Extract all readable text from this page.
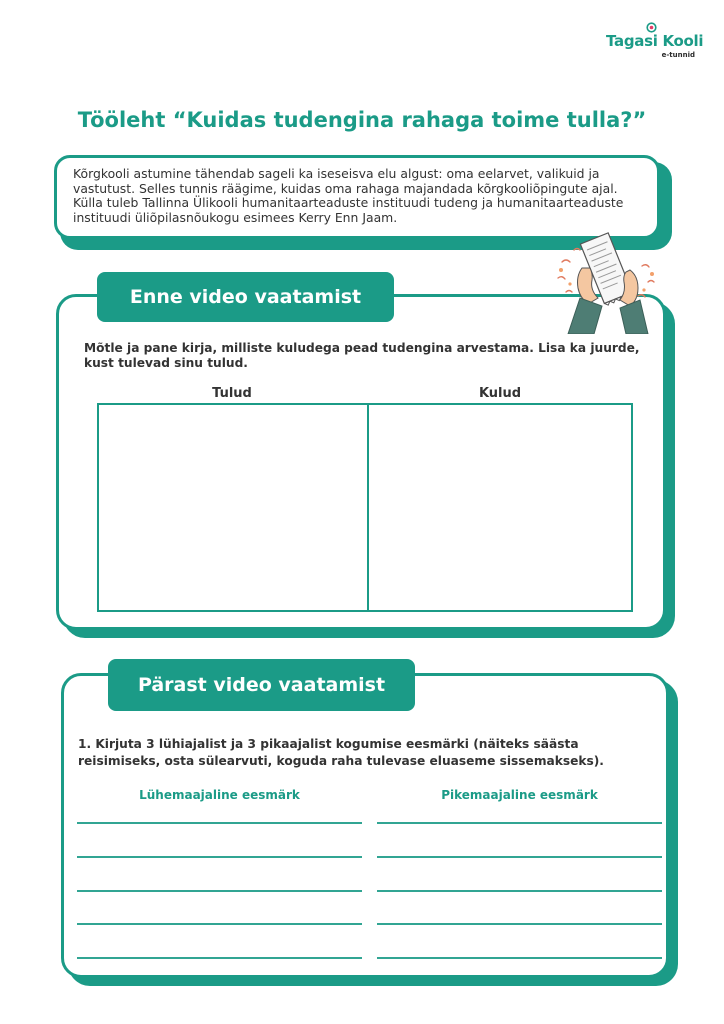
Tagasi Kooli
e-tunnid
Tööleht “Kuidas tudengina rahaga toime tulla?”

Kõrgkooli astumine tähendab sageli ka iseseisva elu algust: oma eelarvet, valikuid ja vastutust. Selles tunnis räägime, kuidas oma rahaga majandada kõrgkooliõpingute ajal. Külla tuleb Tallinna Ülikooli humanitaarteaduste instituudi tudeng ja humanitaarteaduste instituudi üliõpilasnõukogu esimees Kerry Enn Jaam.

Enne video vaatamist
Mõtle ja pane kirja, milliste kuludega pead tudengina arvestama. Lisa ka juurde, kust tulevad sinu tulud.
Tulud	Kulud
Pärast video vaatamist
1. Kirjuta 3 lühiajalist ja 3 pikaajalist kogumise eesmärki (näiteks säästa reisimiseks, osta sülearvuti, koguda raha tulevase eluaseme sissemakseks).
Lühemaajaline eesmärk	Pikemaajaline eesmärk
